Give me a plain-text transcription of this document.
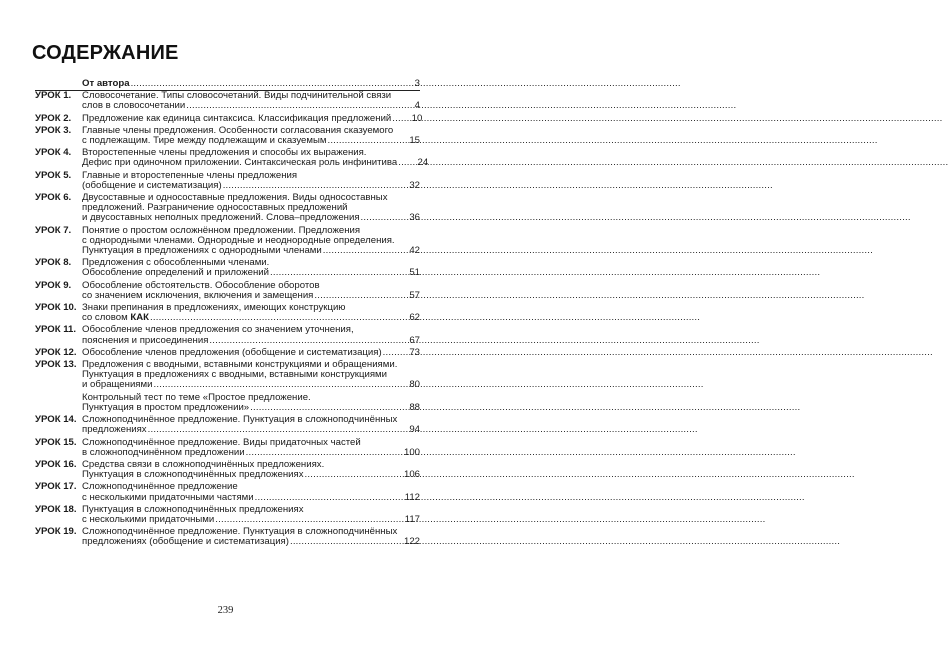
СОДЕРЖАНИЕ
От автора .....	3
УРОК 1.	Словосочетание. Типы словосочетаний. Виды подчинительной связи
слов в словосочетании .....	4
УРОК 2.	Предложение как единица синтаксиса. Классификация предложений .....	10
УРОК 3.	Главные члены предложения. Особенности согласования сказуемого
с подлежащим. Тире между подлежащим и сказуемым .....	15
УРОК 4.	Второстепенные члены предложения и способы их выражения.
Дефис при одиночном приложении. Синтаксическая роль инфинитива .....	24
УРОК 5.	Главные и второстепенные члены предложения
(обобщение и систематизация) .....	32
УРОК 6.	Двусоставные и односоставные предложения. Виды односоставных
предложений. Разграничение односоставных предложений
и двусоставных неполных предложений. Слова–предложения .....	36
УРОК 7.	Понятие о простом осложнённом предложении. Предложения
с однородными членами. Однородные и неоднородные определения.
Пунктуация в предложениях с однородными членами .....	42
УРОК 8.	Предложения с обособленными членами.
Обособление определений и приложений .....	51
УРОК 9.	Обособление обстоятельств. Обособление оборотов
со значением исключения, включения и замещения .....	57
УРОК 10. Знаки препинания в предложениях, имеющих конструкцию
со словом КАК .....	62
УРОК 11. Обособление членов предложения со значением уточнения,
пояснения и присоединения .....	67
УРОК 12. Обособление членов предложения (обобщение и систематизация) .....	73
УРОК 13. Предложения с вводными, вставными конструкциями и обращениями.
Пунктуация в предложениях с вводными, вставными конструкциями
и обращениями .....	80
Контрольный тест по теме «Простое предложение.
Пунктуация в простом предложении» .....	88
УРОК 14. Сложноподчинённое предложение. Пунктуация в сложноподчинённых
предложениях .....	94
УРОК 15. Сложноподчинённое предложение. Виды придаточных частей
в сложноподчинённом предложении .....	100
УРОК 16. Средства связи в сложноподчинённых предложениях.
Пунктуация в сложноподчинённых предложениях .....	106
УРОК 17. Сложноподчинённое предложение
с несколькими придаточными частями .....	112
УРОК 18. Пунктуация в сложноподчинённых предложениях
с несколькими придаточными .....	117
УРОК 19. Сложноподчинённое предложение. Пунктуация в сложноподчинённых
предложениях (обобщение и систематизация) .....	122
239
